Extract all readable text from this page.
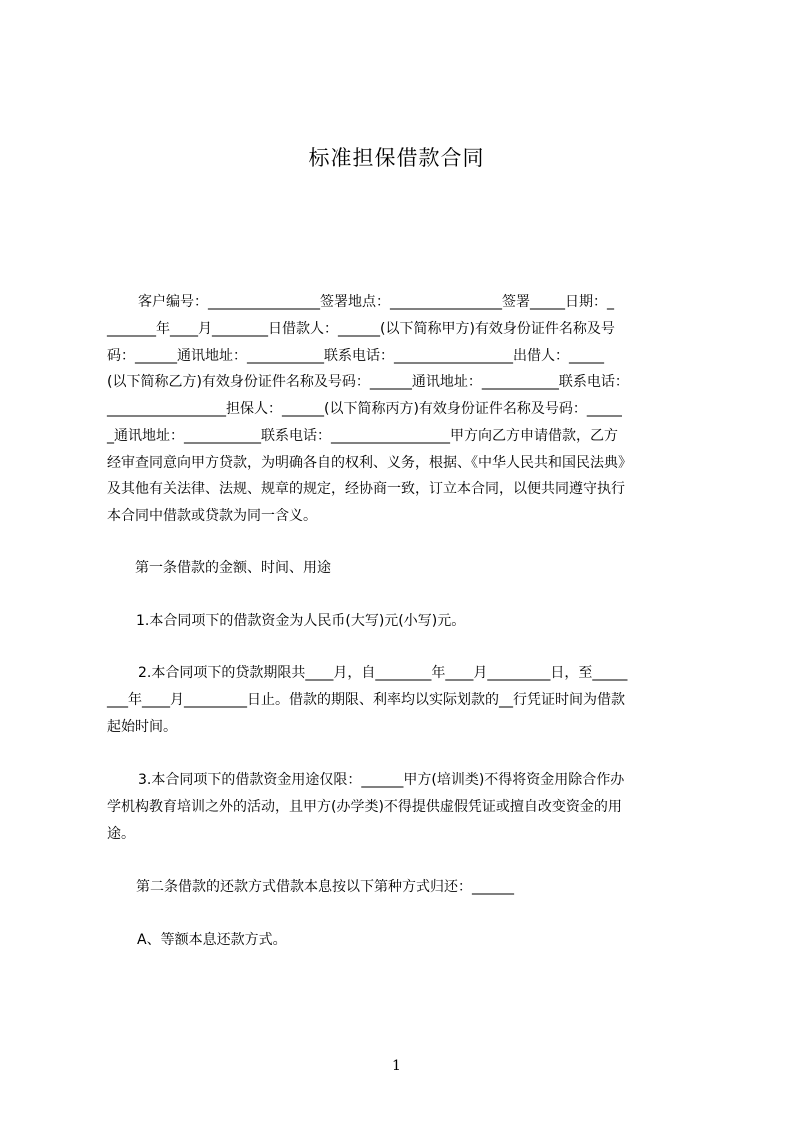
标准担保借款合同
客户编号：________________签署地点：________________签署_____日期：_
_______年____月________日借款人：______(以下简称甲方)有效身份证件名称及号
码：______通讯地址：___________联系电话：_________________出借人：_____
(以下简称乙方)有效身份证件名称及号码：______通讯地址：___________联系电话：
_________________担保人：______(以下简称丙方)有效身份证件名称及号码：_____
_通讯地址：___________联系电话：_________________甲方向乙方申请借款，乙方
经审查同意向甲方贷款，为明确各自的权利、义务，根据、《中华人民共和国民法典》
及其他有关法律、法规、规章的规定，经协商一致，订立本合同，以便共同遵守执行
本合同中借款或贷款为同一含义。
第一条借款的金额、时间、用途
1.本合同项下的借款资金为人民币(大写)元(小写)元。
2.本合同项下的贷款期限共____月，自________年____月_________日，至_____
___年____月_________日止。借款的期限、利率均以实际划款的__行凭证时间为借款
起始时间。
3.本合同项下的借款资金用途仅限：______甲方(培训类)不得将资金用除合作办
学机构教育培训之外的活动，且甲方(办学类)不得提供虚假凭证或擅自改变资金的用
途。
第二条借款的还款方式借款本息按以下第种方式归还：______
A、等额本息还款方式。
1
